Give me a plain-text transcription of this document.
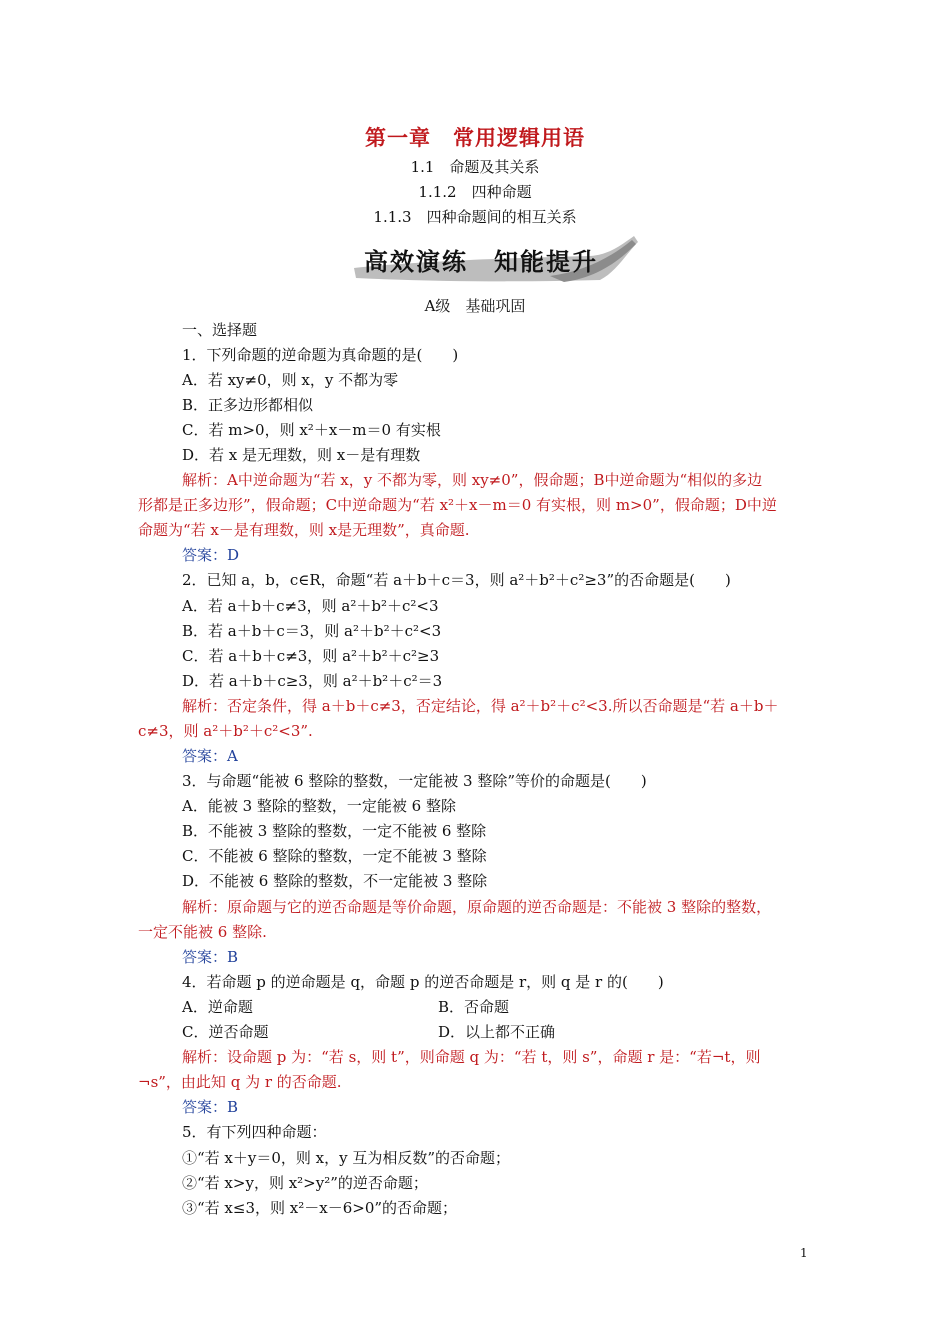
第一章　常用逻辑用语
1.1　命题及其关系
1.1.2　四种命题
1.1.3　四种命题间的相互关系
高效演练　知能提升
A级　基础巩固
一、选择题
1．下列命题的逆命题为真命题的是(　　)
A．若 xy≠0，则 x，y 不都为零
B．正多边形都相似
C．若 m>0，则 x²＋x－m＝0 有实根
D．若 x 是无理数，则 x－是有理数
解析：A中逆命题为“若 x，y 不都为零，则 xy≠0”，假命题；B中逆命题为“相似的多边
形都是正多边形”，假命题；C中逆命题为“若 x²＋x－m＝0 有实根，则 m>0”，假命题；D中逆
命题为“若 x－是有理数，则 x是无理数”，真命题.
答案：D
2．已知 a，b，c∈R，命题“若 a＋b＋c＝3，则 a²＋b²＋c²≥3”的否命题是(　　)
A．若 a＋b＋c≠3，则 a²＋b²＋c²<3
B．若 a＋b＋c＝3，则 a²＋b²＋c²<3
C．若 a＋b＋c≠3，则 a²＋b²＋c²≥3
D．若 a＋b＋c≥3，则 a²＋b²＋c²＝3
解析：否定条件，得 a＋b＋c≠3，否定结论，得 a²＋b²＋c²<3.所以否命题是“若 a＋b＋
c≠3，则 a²＋b²＋c²<3”.
答案：A
3．与命题“能被 6 整除的整数，一定能被 3 整除”等价的命题是(　　)
A．能被 3 整除的整数，一定能被 6 整除
B．不能被 3 整除的整数，一定不能被 6 整除
C．不能被 6 整除的整数，一定不能被 3 整除
D．不能被 6 整除的整数，不一定能被 3 整除
解析：原命题与它的逆否命题是等价命题，原命题的逆否命题是：不能被 3 整除的整数，
一定不能被 6 整除.
答案：B
4．若命题 p 的逆命题是 q，命题 p 的逆否命题是 r，则 q 是 r 的(　　)
A．逆命题	B．否命题
C．逆否命题	D．以上都不正确
解析：设命题 p 为：“若 s，则 t”，则命题 q 为：“若 t，则 s”，命题 r 是：“若¬t，则
¬s”，由此知 q 为 r 的否命题.
答案：B
5．有下列四种命题：
①“若 x＋y＝0，则 x，y 互为相反数”的否命题；
②“若 x>y，则 x²>y²”的逆否命题；
③“若 x≤3，则 x²－x－6>0”的否命题；
1
